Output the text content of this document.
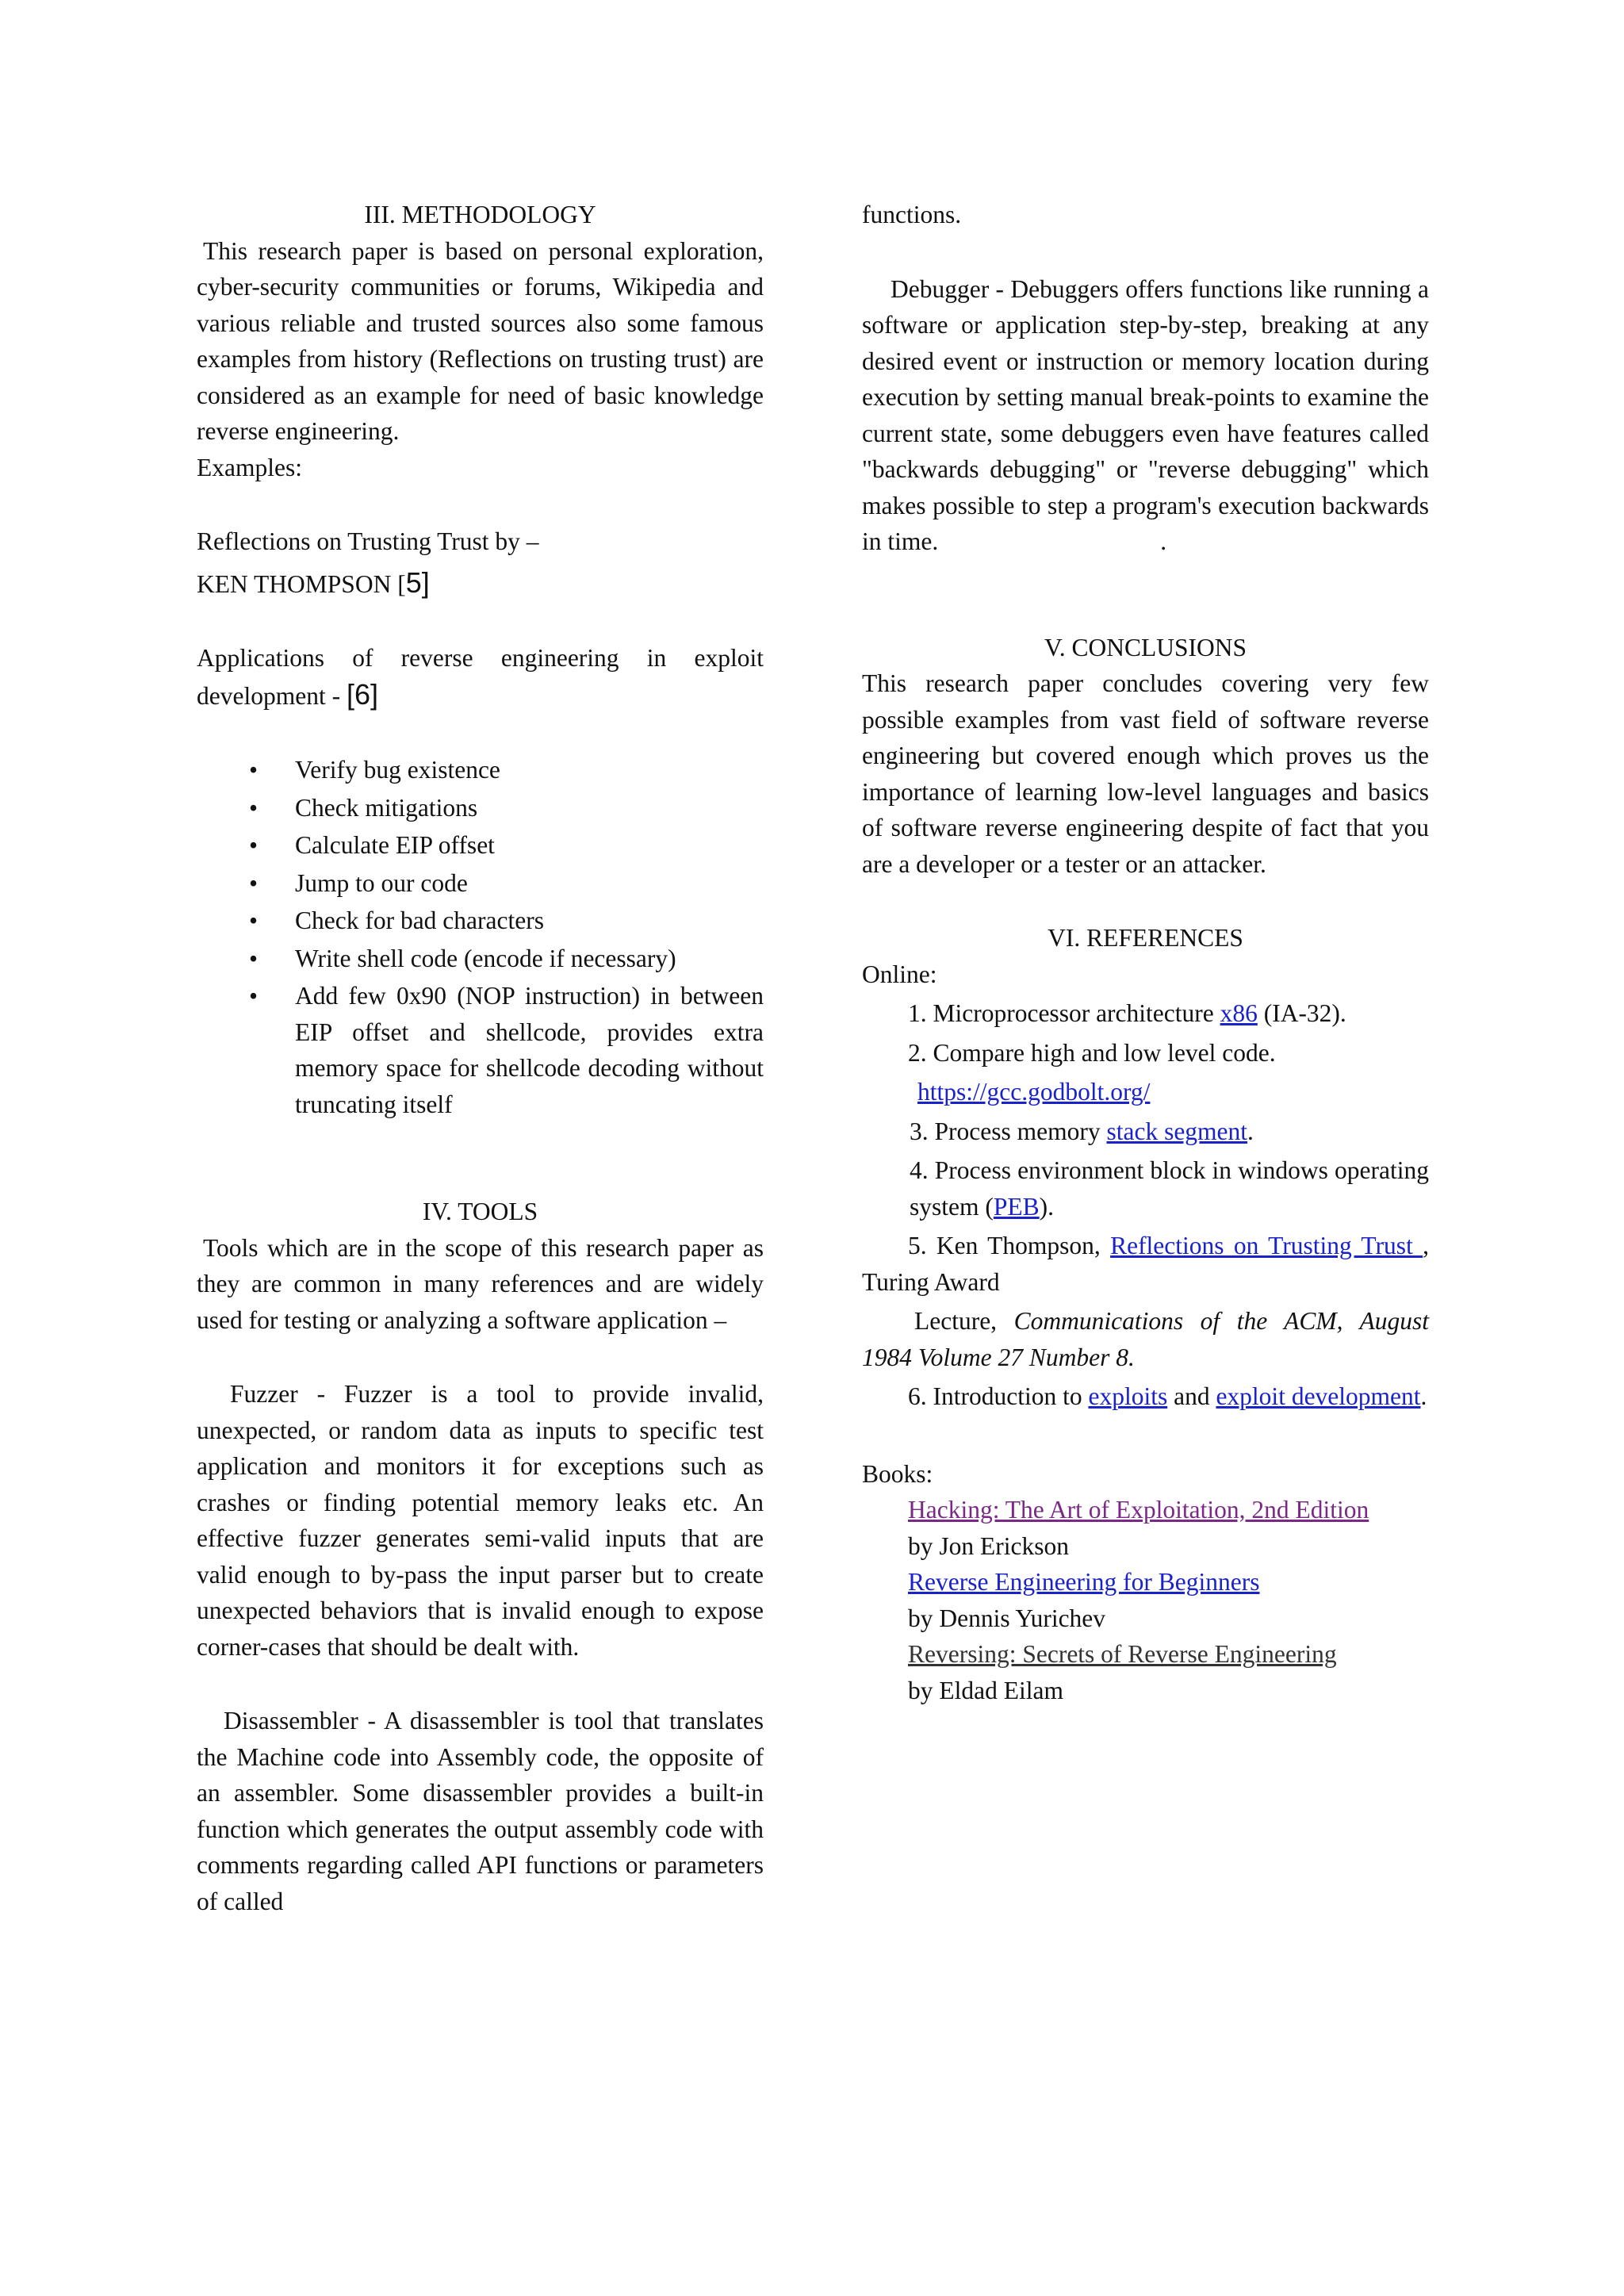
III. METHODOLOGY

This research paper is based on personal exploration, cyber-security communities or forums, Wikipedia and various reliable and trusted sources also some famous examples from history (Reflections on trusting trust) are considered as an example for need of basic knowledge reverse engineering.

Examples:

Reflections on Trusting Trust by –

KEN THOMPSON [5]

Applications of reverse engineering in exploit development - [6]

• Verify bug existence
• Check mitigations
• Calculate EIP offset
• Jump to our code
• Check for bad characters
• Write shell code (encode if necessary)
• Add few 0x90 (NOP instruction) in between EIP offset and shellcode, provides extra memory space for shellcode decoding without truncating itself

IV. TOOLS

Tools which are in the scope of this research paper as they are common in many references and are widely used for testing or analyzing a software application –

Fuzzer - Fuzzer is a tool to provide invalid, unexpected, or random data as inputs to specific test application and monitors it for exceptions such as crashes or finding potential memory leaks etc. An effective fuzzer generates semi-valid inputs that are valid enough to by-pass the input parser but to create unexpected behaviors that is invalid enough to expose corner-cases that should be dealt with.

Disassembler - A disassembler is tool that translates the Machine code into Assembly code, the opposite of an assembler. Some disassembler provides a built-in function which generates the output assembly code with comments regarding called API functions or parameters of called

functions.

Debugger - Debuggers offers functions like running a software or application step-by-step, breaking at any desired event or instruction or memory location during execution by setting manual break-points to examine the current state, some debuggers even have features called "backwards debugging" or "reverse debugging" which makes possible to step a program's execution backwards in time.	.

V. CONCLUSIONS

This research paper concludes covering very few possible examples from vast field of software reverse engineering but covered enough which proves us the importance of learning low-level languages and basics of software reverse engineering despite of fact that you are a developer or a tester or an attacker.

VI. REFERENCES

Online:

1. Microprocessor architecture x86 (IA-32).

2. Compare high and low level code.

https://gcc.godbolt.org/

3. Process memory stack segment.

4. Process environment block in windows operating system (PEB).

5. Ken Thompson, Reflections on Trusting Trust , Turing Award

Lecture, Communications of the ACM, August 1984 Volume 27 Number 8.

6. Introduction to exploits and exploit development.

Books:

Hacking: The Art of Exploitation, 2nd Edition

by Jon Erickson

Reverse Engineering for Beginners

by Dennis Yurichev

Reversing: Secrets of Reverse Engineering

by Eldad Eilam
